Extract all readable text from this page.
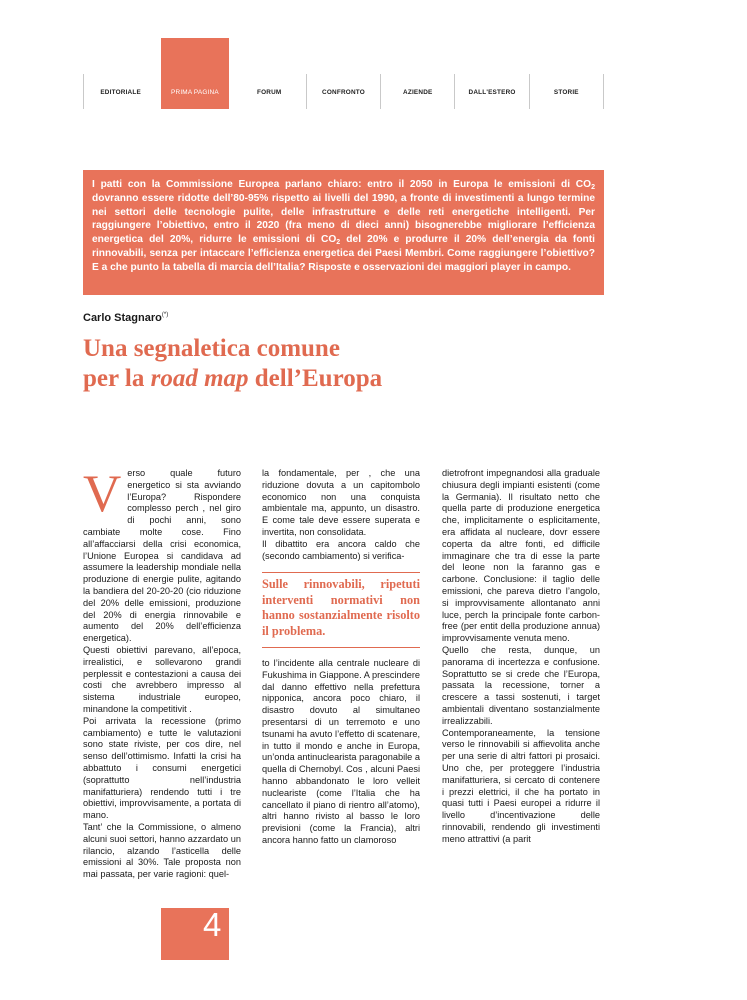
EDITORIALE	PRIMA PAGINA	FORUM	CONFRONTO	AZIENDE	DALL'ESTERO	STORIE
I patti con la Commissione Europea parlano chiaro: entro il 2050 in Europa le emissioni di $CO_2$ dovranno essere ridotte dell’80-95% rispetto ai livelli del 1990, a fronte di investimenti a lungo termine nei settori delle tecnologie pulite, delle infrastrutture e delle reti energetiche intelligenti. Per raggiungere l’obiettivo, entro il 2020 (fra meno di dieci anni) bisognerebbe migliorare l’efficienza energetica del 20%, ridurre le emissioni di $CO_2$ del 20% e produrre il 20% dell’energia da fonti rinnovabili, senza per intaccare l’efficienza energetica dei Paesi Membri. Come raggiungere l’obiettivo? E a che punto la tabella di marcia dell’Italia? Risposte e osservazioni dei maggiori player in campo.
Carlo Stagnaro(*)
Una segnaletica comune
per la road map dell’Europa

Verso quale futuro energetico si sta avviando l’Europa? Rispondere complesso perch , nel giro di pochi anni, sono cambiate molte cose. Fino all’affacciarsi della crisi economica, l’Unione Europea si candidava ad assumere la leadership mondiale nella produzione di energie pulite, agitando la bandiera del 20-20-20 (cio riduzione del 20% delle emissioni, produzione del 20% di energia rinnovabile e aumento del 20% dell’efficienza energetica).

Questi obiettivi parevano, all’epoca, irrealistici, e sollevarono grandi perplessit e contestazioni a causa dei costi che avrebbero impresso al sistema industriale europeo, minandone la competitivit .

Poi arrivata la recessione (primo cambiamento) e tutte le valutazioni sono state riviste, per cos dire, nel senso dell’ottimismo. Infatti la crisi ha abbattuto i consumi energetici (soprattutto nell’industria manifatturiera) rendendo tutti i tre obiettivi, improvvisamente, a portata di mano.

Tant’ che la Commissione, o almeno alcuni suoi settori, hanno azzardato un rilancio, alzando l’asticella delle emissioni al 30%. Tale proposta non mai passata, per varie ragioni: quel-

la fondamentale, per , che una riduzione dovuta a un capitombolo economico non una conquista ambientale ma, appunto, un disastro. E come tale deve essere superata e invertita, non consolidata.

Il dibattito era ancora caldo che (secondo cambiamento) si verifica-

Sulle rinnovabili, ripetuti interventi normativi non hanno sostanzialmente risolto il problema.

to l’incidente alla centrale nucleare di Fukushima in Giappone. A prescindere dal danno effettivo nella prefettura nipponica, ancora poco chiaro, il disastro dovuto al simultaneo presentarsi di un terremoto e uno tsunami ha avuto l’effetto di scatenare, in tutto il mondo e anche in Europa, un’onda antinuclearista paragonabile a quella di Chernobyl. Cos , alcuni Paesi hanno abbandonato le loro velleit nucleariste (come l’Italia che ha cancellato il piano di rientro all’atomo), altri hanno rivisto al basso le loro previsioni (come la Francia), altri ancora hanno fatto un clamoroso

dietrofront impegnandosi alla graduale chiusura degli impianti esistenti (come la Germania). Il risultato netto che quella parte di produzione energetica che, implicitamente o esplicitamente, era affidata al nucleare, dovr essere coperta da altre fonti, ed difficile immaginare che tra di esse la parte del leone non la faranno gas e carbone. Conclusione: il taglio delle emissioni, che pareva dietro l’angolo, si improvvisamente allontanato anni luce, perch la principale fonte carbon-free (per entit della produzione annua) improvvisamente venuta meno.

Quello che resta, dunque, un panorama di incertezza e confusione. Soprattutto se si crede che l’Europa, passata la recessione, torner a crescere a tassi sostenuti, i target ambientali diventano sostanzialmente irrealizzabili.

Contemporaneamente, la tensione verso le rinnovabili si affievolita anche per una serie di altri fattori pi prosaici. Uno che, per proteggere l’industria manifatturiera, si cercato di contenere i prezzi elettrici, il che ha portato in quasi tutti i Paesi europei a ridurre il livello d’incentivazione delle rinnovabili, rendendo gli investimenti meno attrattivi (a parit

4
